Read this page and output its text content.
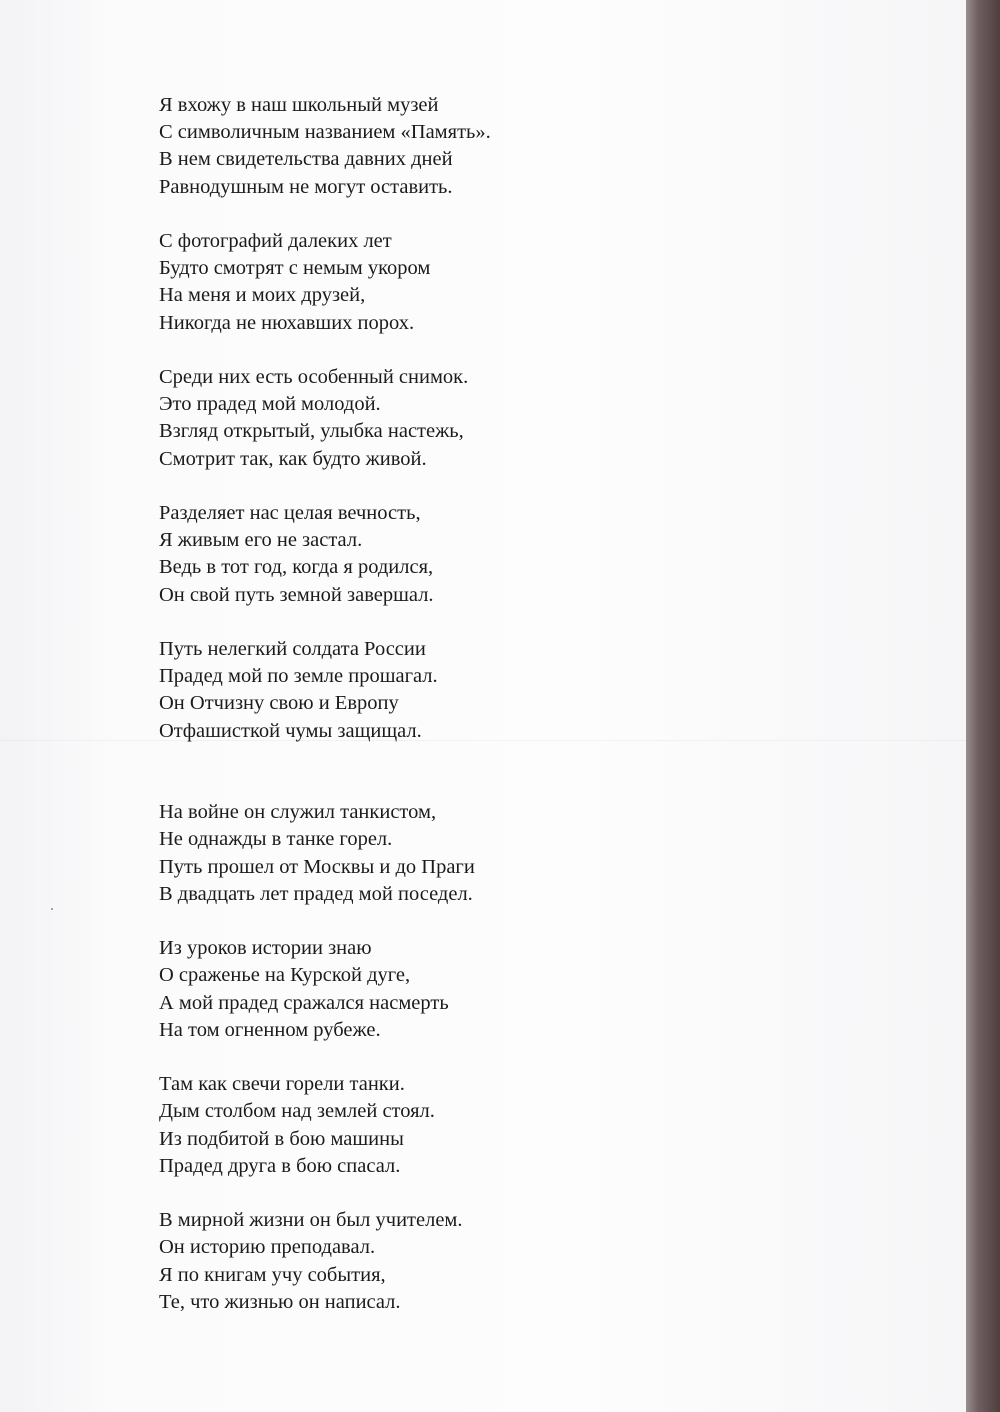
Я вхожу в наш школьный музей
С символичным названием «Память».
В нем свидетельства давних дней
Равнодушным не могут оставить.
С фотографий далеких лет
Будто смотрят с немым укором
На меня и моих друзей,
Никогда не нюхавших порох.
Среди них есть особенный снимок.
Это прадед мой молодой.
Взгляд открытый, улыбка настежь,
Смотрит так, как будто живой.
Разделяет нас целая вечность,
Я живым его не застал.
Ведь в тот год, когда я родился,
Он свой путь земной завершал.
Путь нелегкий солдата России
Прадед мой по земле прошагал.
Он Отчизну свою и Европу
Отфашисткой чумы защищал.
На войне он служил танкистом,
Не однажды в танке горел.
Путь прошел от Москвы и до Праги
В двадцать лет прадед мой поседел.
Из уроков истории знаю
О сраженье на Курской дуге,
А мой прадед сражался насмерть
На том огненном рубеже.
Там как свечи горели танки.
Дым столбом над землей стоял.
Из подбитой в бою машины
Прадед друга в бою спасал.
В мирной жизни он был учителем.
Он историю преподавал.
Я по книгам учу события,
Те, что жизнью он написал.
